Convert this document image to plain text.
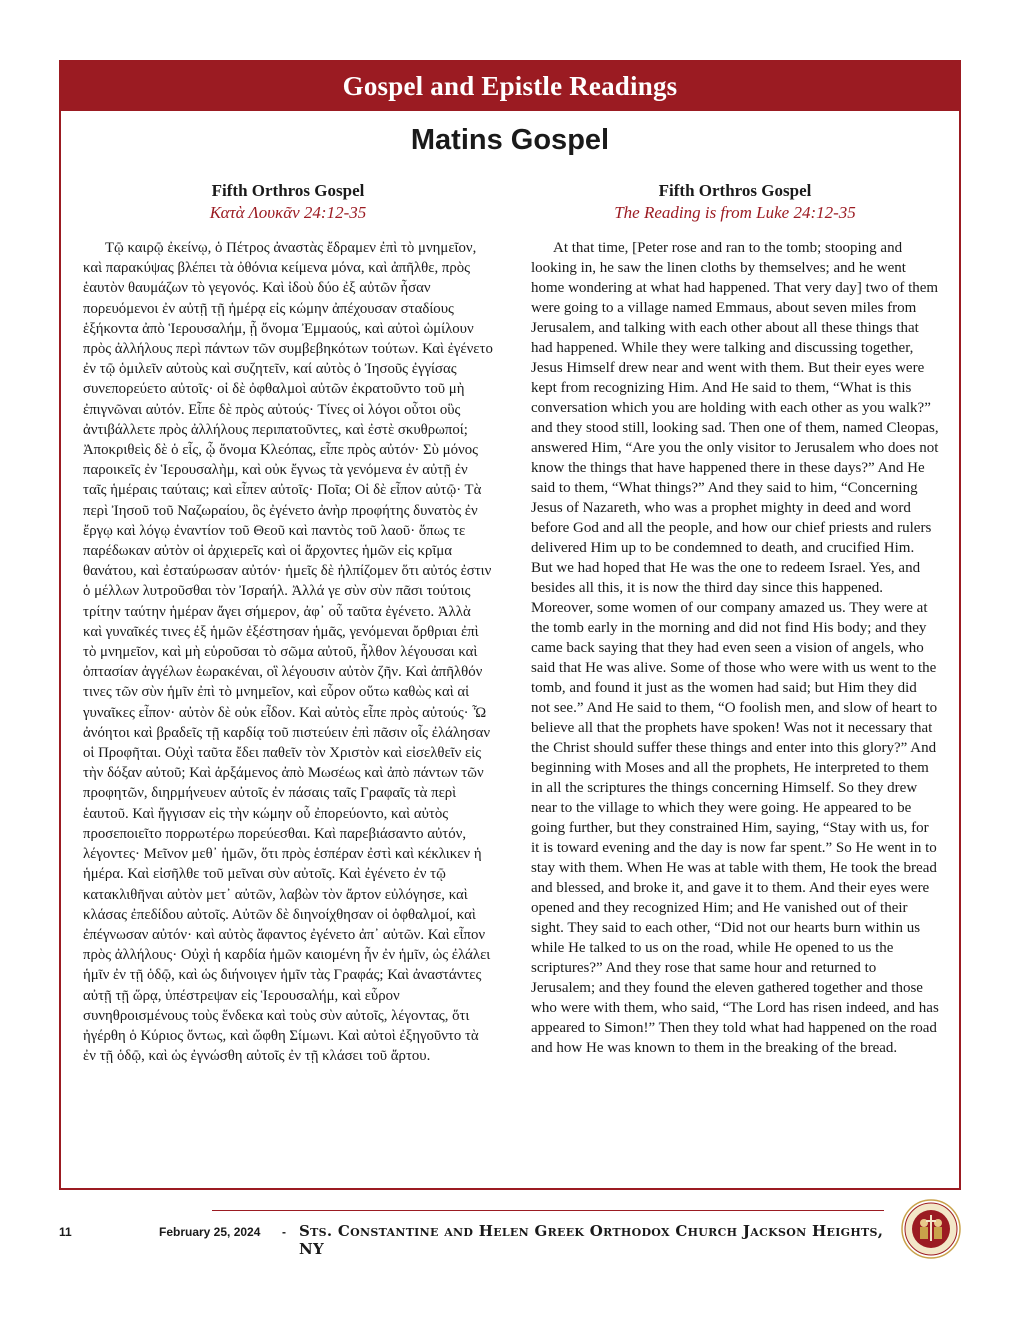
Gospel and Epistle Readings
Matins Gospel

Fifth Orthros Gospel

Κατὰ Λουκᾶν 24:12-35

Τῷ καιρῷ ἐκείνῳ, ὁ Πέτρος ἀναστὰς ἔδραμεν ἐπὶ τὸ μνημεῖον, καὶ παρακύψας βλέπει τὰ ὀθόνια κείμενα μόνα, καὶ ἀπῆλθε, πρὸς ἑαυτὸν θαυμάζων τὸ γεγονός. Καὶ ἰδοὺ δύο ἐξ αὐτῶν ἦσαν πορευόμενοι ἐν αὐτῇ τῇ ἡμέρᾳ εἰς κώμην ἀπέχουσαν σταδίους ἑξήκοντα ἀπὸ Ἱερουσαλήμ, ᾗ ὄνομα Ἐμμαούς, καὶ αὐτοὶ ὡμίλουν πρὸς ἀλλήλους περὶ πάντων τῶν συμβεβηκότων τούτων. Καὶ ἐγένετο ἐν τῷ ὁμιλεῖν αὐτοὺς καὶ συζητεῖν, καί αὐτὸς ὁ Ἰησοῦς ἐγγίσας συνεπορεύετο αὐτοῖς· οἱ δὲ ὀφθαλμοὶ αὐτῶν ἐκρατοῦντο τοῦ μὴ ἐπιγνῶναι αὐτόν. Εἶπε δὲ πρὸς αὐτούς· Τίνες οἱ λόγοι οὗτοι οὓς ἀντιβάλλετε πρὸς ἀλλήλους περιπατοῦντες, καὶ ἐστὲ σκυθρωποί; Ἀποκριθεὶς δὲ ὁ εἷς, ᾧ ὄνομα Κλεόπας, εἶπε πρὸς αὐτόν· Σὺ μόνος παροικεῖς ἐν Ἱερουσαλὴμ, καὶ οὐκ ἔγνως τὰ γενόμενα ἐν αὐτῇ ἐν ταῖς ἡμέραις ταύταις; καὶ εἶπεν αὐτοῖς· Ποῖα; Οἱ δὲ εἶπον αὐτῷ· Τὰ περὶ Ἰησοῦ τοῦ Ναζωραίου, ὃς ἐγένετο ἀνὴρ προφήτης δυνατὸς ἐν ἔργῳ καὶ λόγῳ ἐναντίον τοῦ Θεοῦ καὶ παντὸς τοῦ λαοῦ· ὅπως τε παρέδωκαν αὐτὸν οἱ ἀρχιερεῖς καὶ οἱ ἄρχοντες ἡμῶν εἰς κρῖμα θανάτου, καὶ ἐσταύρωσαν αὐτόν· ἡμεῖς δὲ ἠλπίζομεν ὅτι αὐτός ἐστιν ὁ μέλλων λυτροῦσθαι τὸν Ἰσραήλ. Ἀλλά γε σὺν σὺν πᾶσι τούτοις τρίτην ταύτην ἡμέραν ἄγει σήμερον, ἀφ᾽ οὗ ταῦτα ἐγένετο. Ἀλλὰ καὶ γυναῖκές τινες ἐξ ἡμῶν ἐξέστησαν ἡμᾶς, γενόμεναι ὄρθριαι ἐπὶ τὸ μνημεῖον, καὶ μὴ εὑροῦσαι τὸ σῶμα αὐτοῦ, ἦλθον λέγουσαι καὶ ὀπτασίαν ἀγγέλων ἑωρακέναι, οἳ λέγουσιν αὐτὸν ζῆν. Καὶ ἀπῆλθόν τινες τῶν σὺν ἡμῖν ἐπὶ τὸ μνημεῖον, καὶ εὗρον οὕτω καθὼς καὶ αἱ γυναῖκες εἶπον· αὐτὸν δὲ οὐκ εἶδον. Καὶ αὐτὸς εἶπε πρὸς αὐτούς· Ὦ ἀνόητοι καὶ βραδεῖς τῇ καρδίᾳ τοῦ πιστεύειν ἐπὶ πᾶσιν οἷς ἐλάλησαν οἱ Προφῆται. Οὐχὶ ταῦτα ἔδει παθεῖν τὸν Χριστὸν καὶ εἰσελθεῖν εἰς τὴν δόξαν αὐτοῦ; Καὶ ἀρξάμενος ἀπὸ Μωσέως καὶ ἀπὸ πάντων τῶν προφητῶν, διηρμήνευεν αὐτοῖς ἐν πάσαις ταῖς Γραφαῖς τὰ περὶ ἑαυτοῦ. Καὶ ἤγγισαν εἰς τὴν κώμην οὗ ἐπορεύοντο, καὶ αὐτὸς προσεποιεῖτο πορρωτέρω πορεύεσθαι. Καὶ παρεβιάσαντο αὐτόν, λέγοντες· Μεῖνον μεθ᾽ ἡμῶν, ὅτι πρὸς ἑσπέραν ἐστὶ καὶ κέκλικεν ἡ ἡμέρα. Καὶ εἰσῆλθε τοῦ μεῖναι σὺν αὐτοῖς. Καὶ ἐγένετο ἐν τῷ κατακλιθῆναι αὐτὸν μετ᾽ αὐτῶν, λαβὼν τὸν ἄρτον εὐλόγησε, καὶ κλάσας ἐπεδίδου αὐτοῖς. Αὐτῶν δὲ διηνοίχθησαν οἱ ὀφθαλμοί, καὶ ἐπέγνωσαν αὐτόν· καὶ αὐτὸς ἄφαντος ἐγένετο ἀπ᾽ αὐτῶν. Καὶ εἶπον πρὸς ἀλλήλους· Οὐχὶ ἡ καρδία ἡμῶν καιομένη ἦν ἐν ἡμῖν, ὡς ἐλάλει ἡμῖν ἐν τῇ ὁδῷ, καὶ ὡς διήνοιγεν ἡμῖν τὰς Γραφάς; Καὶ ἀναστάντες αὐτῇ τῇ ὥρᾳ, ὑπέστρεψαν εἰς Ἱερουσαλήμ, καὶ εὗρον συνηθροισμένους τοὺς ἕνδεκα καὶ τοὺς σὺν αὐτοῖς, λέγοντας, ὅτι ἠγέρθη ὁ Κύριος ὄντως, καὶ ὤφθη Σίμωνι. Καὶ αὐτοὶ ἐξηγοῦντο τὰ ἐν τῇ ὁδῷ, καὶ ὡς ἐγνώσθη αὐτοῖς ἐν τῇ κλάσει τοῦ ἄρτου.

Fifth Orthros Gospel

The Reading is from Luke 24:12-35

At that time, [Peter rose and ran to the tomb; stooping and looking in, he saw the linen cloths by themselves; and he went home wondering at what had happened. That very day] two of them were going to a village named Emmaus, about seven miles from Jerusalem, and talking with each other about all these things that had happened. While they were talking and discussing together, Jesus Himself drew near and went with them. But their eyes were kept from recognizing Him. And He said to them, “What is this conversation which you are holding with each other as you walk?” and they stood still, looking sad. Then one of them, named Cleopas, answered Him, “Are you the only visitor to Jerusalem who does not know the things that have happened there in these days?” And He said to them, “What things?” And they said to him, “Concerning Jesus of Nazareth, who was a prophet mighty in deed and word before God and all the people, and how our chief priests and rulers delivered Him up to be condemned to death, and crucified Him. But we had hoped that He was the one to redeem Israel. Yes, and besides all this, it is now the third day since this happened. Moreover, some women of our company amazed us. They were at the tomb early in the morning and did not find His body; and they came back saying that they had even seen a vision of angels, who said that He was alive. Some of those who were with us went to the tomb, and found it just as the women had said; but Him they did not see.” And He said to them, “O foolish men, and slow of heart to believe all that the prophets have spoken! Was not it necessary that the Christ should suffer these things and enter into this glory?” And beginning with Moses and all the prophets, He interpreted to them in all the scriptures the things concerning Himself. So they drew near to the village to which they were going. He appeared to be going further, but they constrained Him, saying, “Stay with us, for it is toward evening and the day is now far spent.” So He went in to stay with them. When He was at table with them, He took the bread and blessed, and broke it, and gave it to them. And their eyes were opened and they recognized Him; and He vanished out of their sight. They said to each other, “Did not our hearts burn within us while He talked to us on the road, while He opened to us the scriptures?” And they rose that same hour and returned to Jerusalem; and they found the eleven gathered together and those who were with them, who said, “The Lord has risen indeed, and has appeared to Simon!” Then they told what had happened on the road and how He was known to them in the breaking of the bread.

11	February 25, 2024 - Sts. Constantine and Helen Greek Orthodox Church Jackson Heights, NY
